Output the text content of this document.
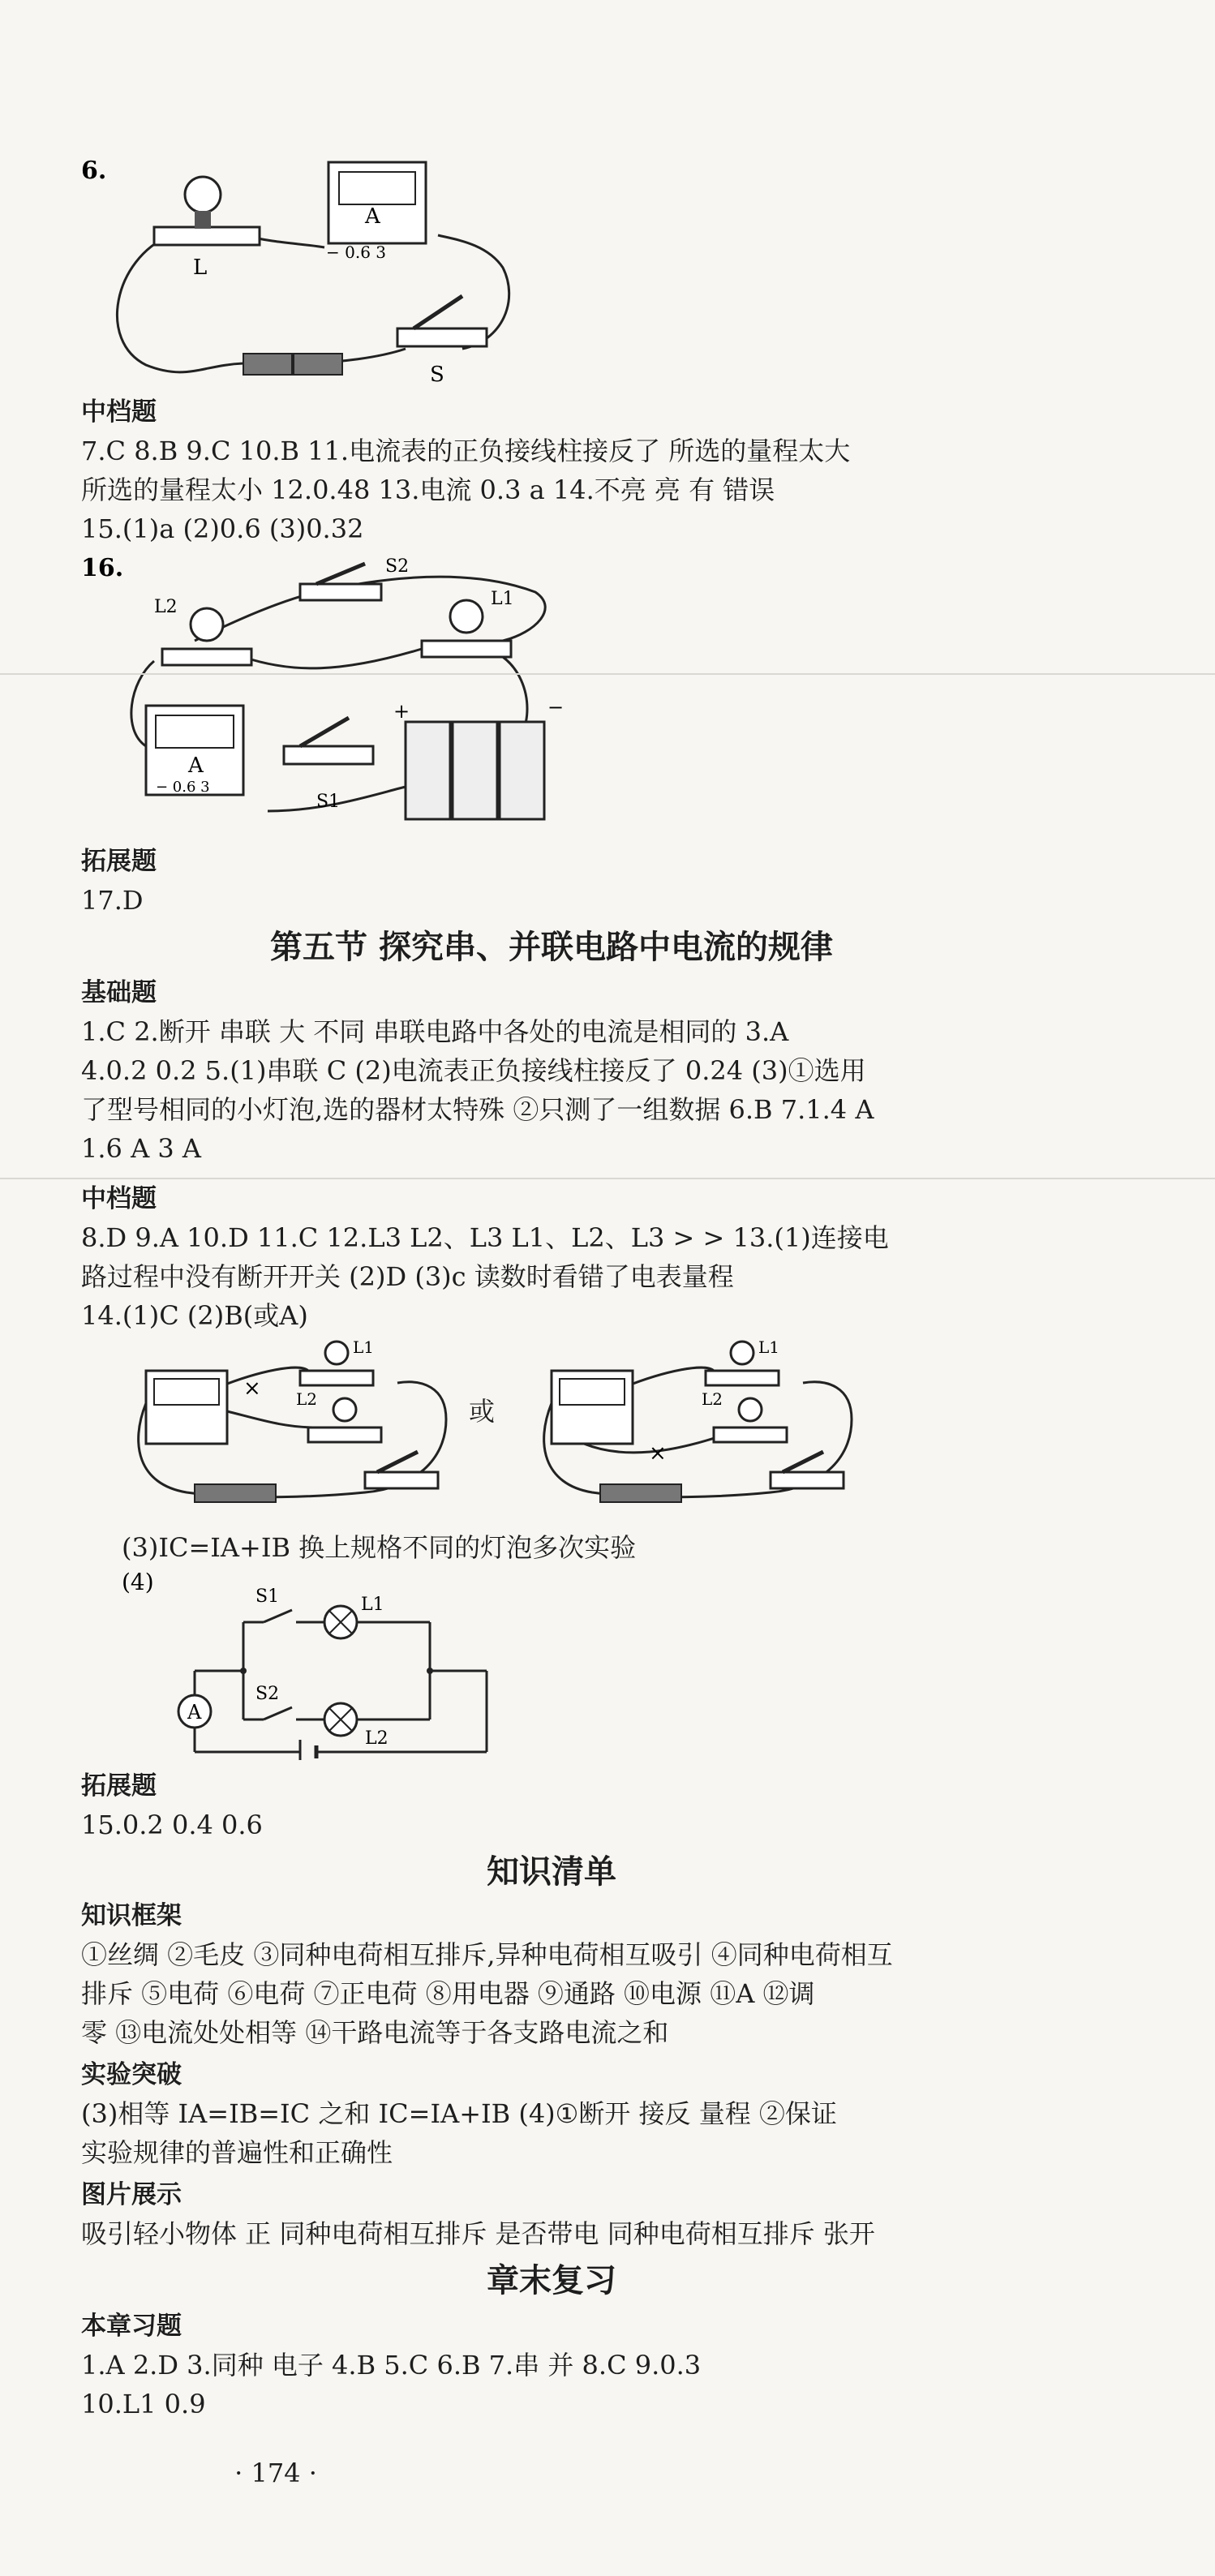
6.
L
A
− 0.6 3
S
中档题
7.C 8.B 9.C 10.B 11.电流表的正负接线柱接反了 所选的量程太大
所选的量程太小 12.0.48 13.电流 0.3 a 14.不亮 亮 有 错误
15.(1)a (2)0.6 (3)0.32
16.	S2
L2	L1
A
− 0.6 3
S1
+	−
拓展题
17.D
第五节 探究串、并联电路中电流的规律
基础题
1.C 2.断开 串联 大 不同 串联电路中各处的电流是相同的 3.A
4.0.2 0.2 5.(1)串联 C (2)电流表正负接线柱接反了 0.24 (3)①选用
了型号相同的小灯泡,选的器材太特殊 ②只测了一组数据 6.B 7.1.4 A
1.6 A 3 A
中档题
8.D 9.A 10.D 11.C 12.L3 L2、L3 L1、L2、L3 > > 13.(1)连接电
路过程中没有断开开关 (2)D (3)c 读数时看错了电表量程
14.(1)C (2)B(或A)
L1
L2
×
或
L1
L2
×
(3)IC=IA+IB 换上规格不同的灯泡多次实验
(4)
A
S1	L1
S2
L2
拓展题
15.0.2 0.4 0.6
知识清单
知识框架
①丝绸 ②毛皮 ③同种电荷相互排斥,异种电荷相互吸引 ④同种电荷相互
排斥 ⑤电荷 ⑥电荷 ⑦正电荷 ⑧用电器 ⑨通路 ⑩电源 ⑪A ⑫调
零 ⑬电流处处相等 ⑭干路电流等于各支路电流之和
实验突破
(3)相等 IA=IB=IC 之和 IC=IA+IB (4)①断开 接反 量程 ②保证
实验规律的普遍性和正确性
图片展示
吸引轻小物体 正 同种电荷相互排斥 是否带电 同种电荷相互排斥 张开
章末复习
本章习题
1.A 2.D 3.同种 电子 4.B 5.C 6.B 7.串 并 8.C 9.0.3
10.L1 0.9
· 174 ·
